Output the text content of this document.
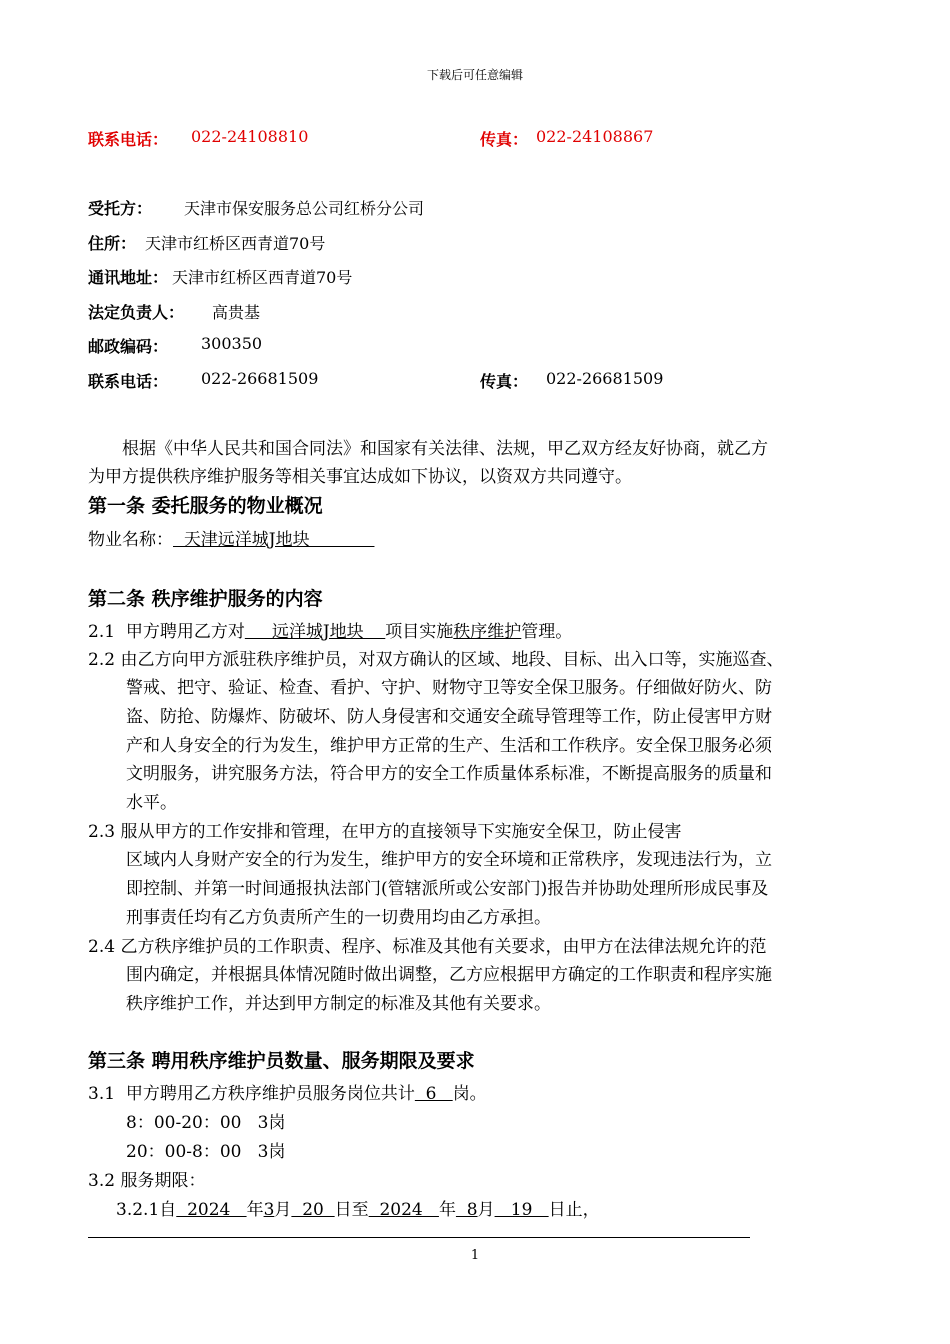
下载后可任意编辑
联系电话： 022-24108810	传真： 022-24108867
受托方： 天津市保安服务总公司红桥分公司
住所： 天津市红桥区西青道70号
通讯地址： 天津市红桥区西青道70号
法定负责人： 高贵基
邮政编码： 300350
联系电话： 022-26681509	传真： 022-26681509
根据《中华人民共和国合同法》和国家有关法律、法规，甲乙双方经友好协商，就乙方
为甲方提供秩序维护服务等相关事宜达成如下协议，以资双方共同遵守。
第一条 委托服务的物业概况
物业名称：  天津远洋城J地块
第二条 秩序维护服务的内容
2.1  甲方聘用乙方对     远洋城J地块    项目实施秩序维护管理。
2.2 由乙方向甲方派驻秩序维护员，对双方确认的区域、地段、目标、出入口等，实施巡查、
警戒、把守、验证、检查、看护、守护、财物守卫等安全保卫服务。仔细做好防火、防
盗、防抢、防爆炸、防破坏、防人身侵害和交通安全疏导管理等工作，防止侵害甲方财
产和人身安全的行为发生，维护甲方正常的生产、生活和工作秩序。安全保卫服务必须
文明服务，讲究服务方法，符合甲方的安全工作质量体系标准，不断提高服务的质量和
水平。
2.3 服从甲方的工作安排和管理，在甲方的直接领导下实施安全保卫，防止侵害
区域内人身财产安全的行为发生，维护甲方的安全环境和正常秩序，发现违法行为，立
即控制、并第一时间通报执法部门(管辖派所或公安部门)报告并协助处理所形成民事及
刑事责任均有乙方负责所产生的一切费用均由乙方承担。
2.4 乙方秩序维护员的工作职责、程序、标准及其他有关要求，由甲方在法律法规允许的范
围内确定，并根据具体情况随时做出调整，乙方应根据甲方确定的工作职责和程序实施
秩序维护工作，并达到甲方制定的标准及其他有关要求。
第三条 聘用秩序维护员数量、服务期限及要求
3.1  甲方聘用乙方秩序维护员服务岗位共计  6   岗。
8：00-20：00   3岗
20：00-8：00   3岗
3.2 服务期限：
3.2.1自  2024   年3月  20  日至  2024   年  8月   19   日止，
1
